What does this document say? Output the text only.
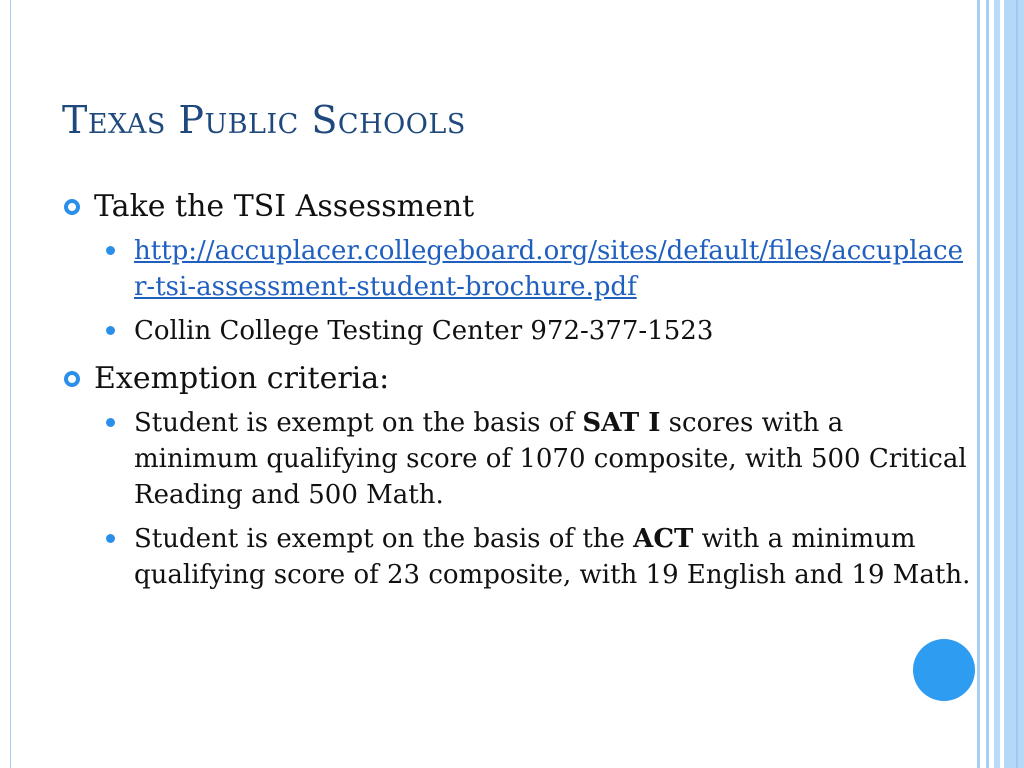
Texas Public Schools
Take the TSI Assessment
http://accuplacer.collegeboard.org/sites/default/files/accuplacer-tsi-assessment-student-brochure.pdf
Collin College Testing Center 972-377-1523
Exemption criteria:
Student is exempt on the basis of SAT I scores with a minimum qualifying score of 1070 composite, with 500 Critical Reading and 500 Math.
Student is exempt on the basis of the ACT with a minimum qualifying score of 23 composite, with 19 English and 19 Math.
